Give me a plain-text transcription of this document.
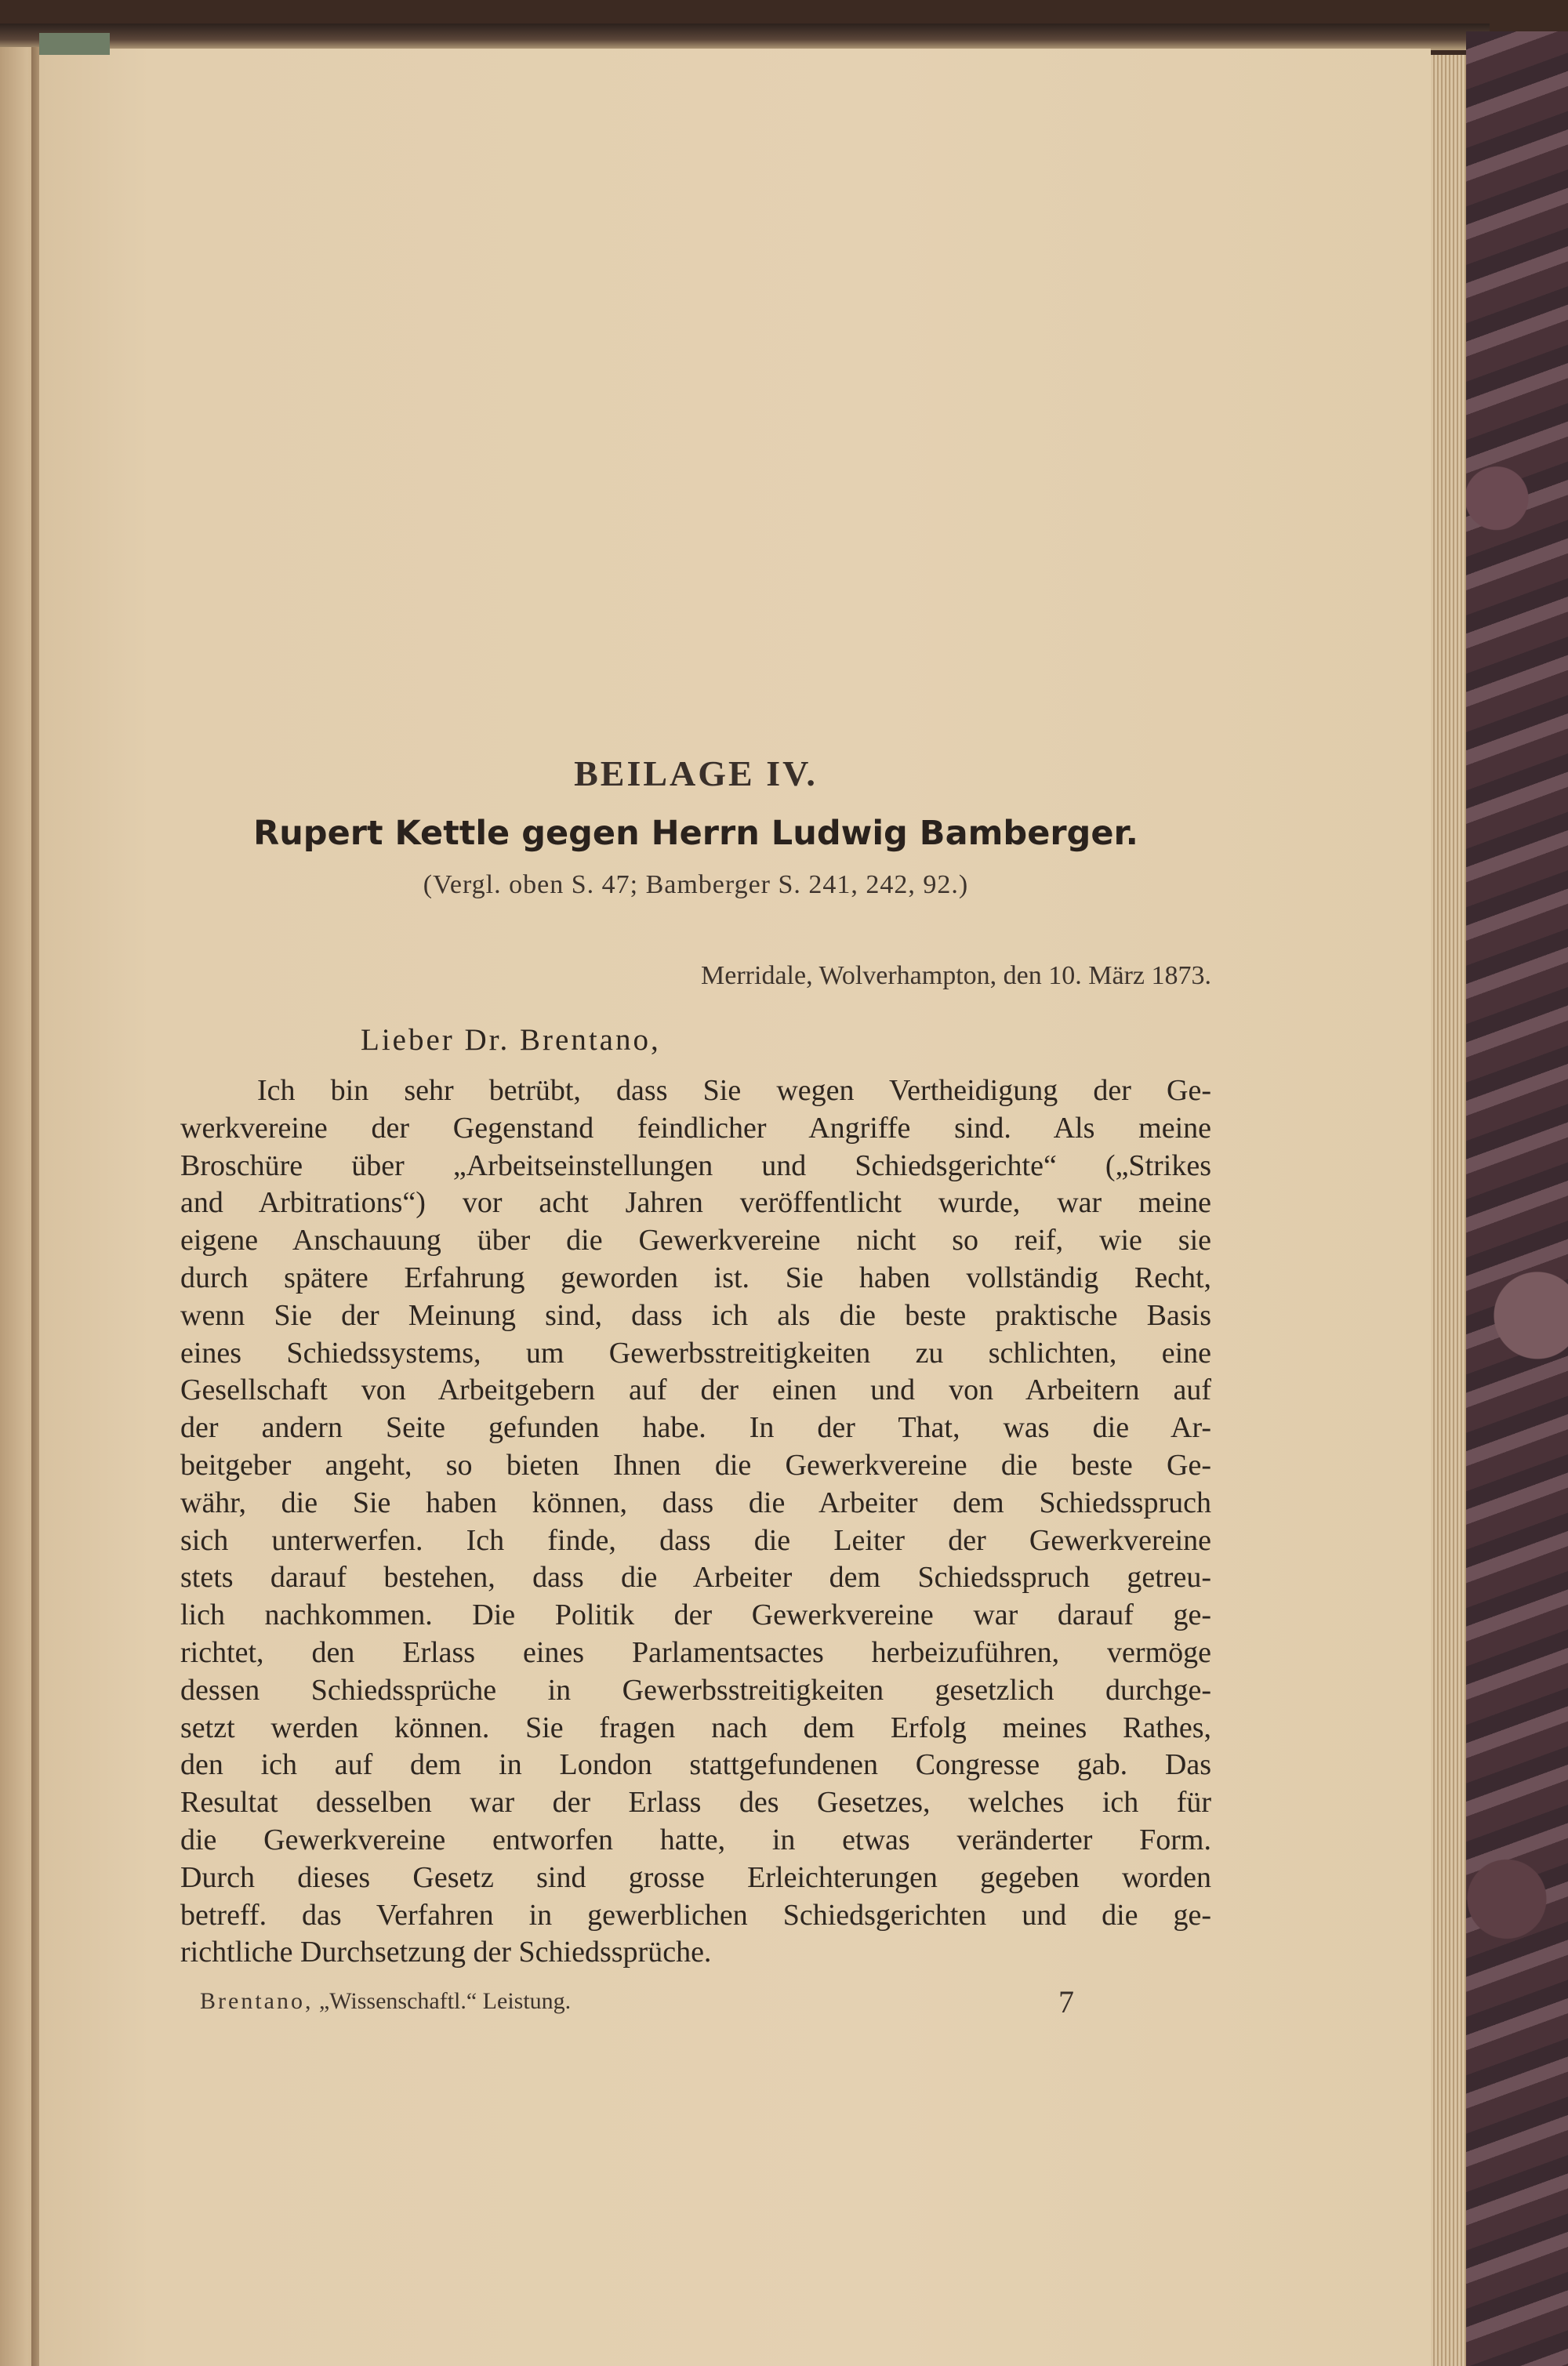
BEILAGE IV.
Rupert Kettle gegen Herrn Ludwig Bamberger.

(Vergl. oben S. 47; Bamberger S. 241, 242, 92.)

Merridale, Wolverhampton, den 10. März 1873.

Lieber Dr. Brentano,

Ich bin sehr betrübt, dass Sie wegen Vertheidigung der Ge-
werkvereine der Gegenstand feindlicher Angriffe sind. Als meine
Broschüre über „Arbeitseinstellungen und Schiedsgerichte“ („Strikes
and Arbitrations“) vor acht Jahren veröffentlicht wurde, war meine
eigene Anschauung über die Gewerkvereine nicht so reif, wie sie
durch spätere Erfahrung geworden ist. Sie haben vollständig Recht,
wenn Sie der Meinung sind, dass ich als die beste praktische Basis
eines Schiedssystems, um Gewerbsstreitigkeiten zu schlichten, eine
Gesellschaft von Arbeitgebern auf der einen und von Arbeitern auf
der andern Seite gefunden habe. In der That, was die Ar-
beitgeber angeht, so bieten Ihnen die Gewerkvereine die beste Ge-
währ, die Sie haben können, dass die Arbeiter dem Schiedsspruch
sich unterwerfen. Ich finde, dass die Leiter der Gewerkvereine
stets darauf bestehen, dass die Arbeiter dem Schiedsspruch getreu-
lich nachkommen. Die Politik der Gewerkvereine war darauf ge-
richtet, den Erlass eines Parlamentsactes herbeizuführen, vermöge
dessen Schiedssprüche in Gewerbsstreitigkeiten gesetzlich durchge-
setzt werden können. Sie fragen nach dem Erfolg meines Rathes,
den ich auf dem in London stattgefundenen Congresse gab. Das
Resultat desselben war der Erlass des Gesetzes, welches ich für
die Gewerkvereine entworfen hatte, in etwas veränderter Form.
Durch dieses Gesetz sind grosse Erleichterungen gegeben worden
betreff. das Verfahren in gewerblichen Schiedsgerichten und die ge-
richtliche Durchsetzung der Schiedssprüche.

Brentano, „Wissenschaftl.“ Leistung.	7
